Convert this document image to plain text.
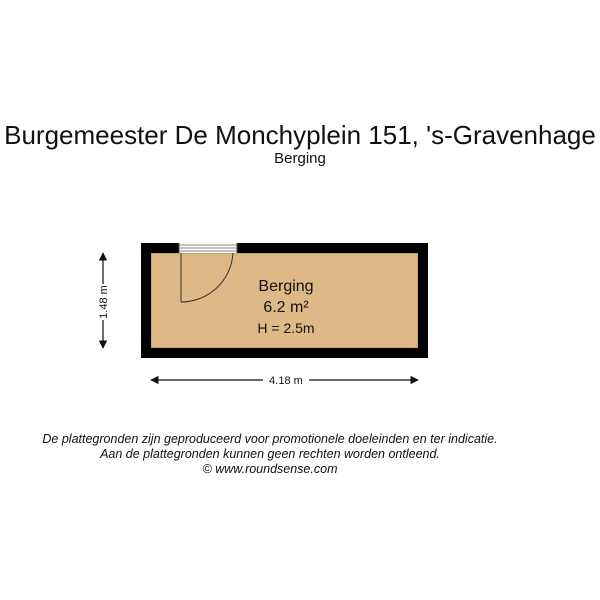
Burgemeester De Monchyplein 151, 's-Gravenhage
Berging
Berging
6.2 m²
H = 2.5m
1.48 m
4.18 m
De plattegronden zijn geproduceerd voor promotionele doeleinden en ter indicatie.
Aan de plattegronden kunnen geen rechten worden ontleend.
© www.roundsense.com
